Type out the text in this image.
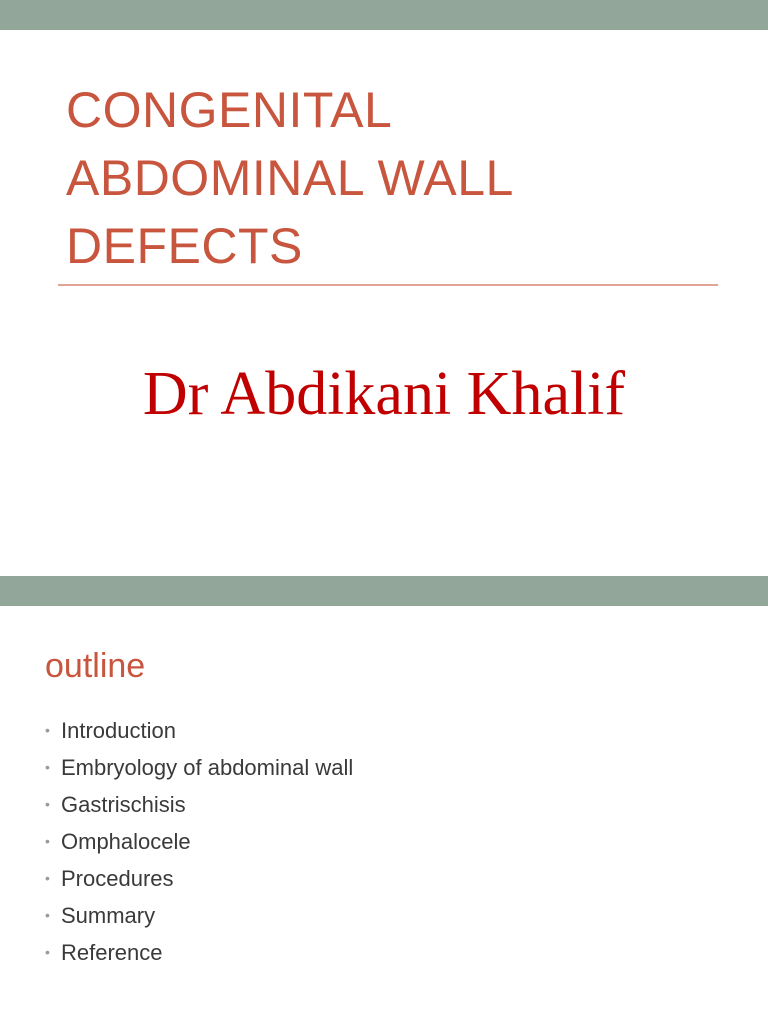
CONGENITAL
ABDOMINAL WALL
DEFECTS

Dr Abdikani Khalif

outline
• Introduction
• Embryology of abdominal wall
• Gastrischisis
• Omphalocele
• Procedures
• Summary
• Reference
